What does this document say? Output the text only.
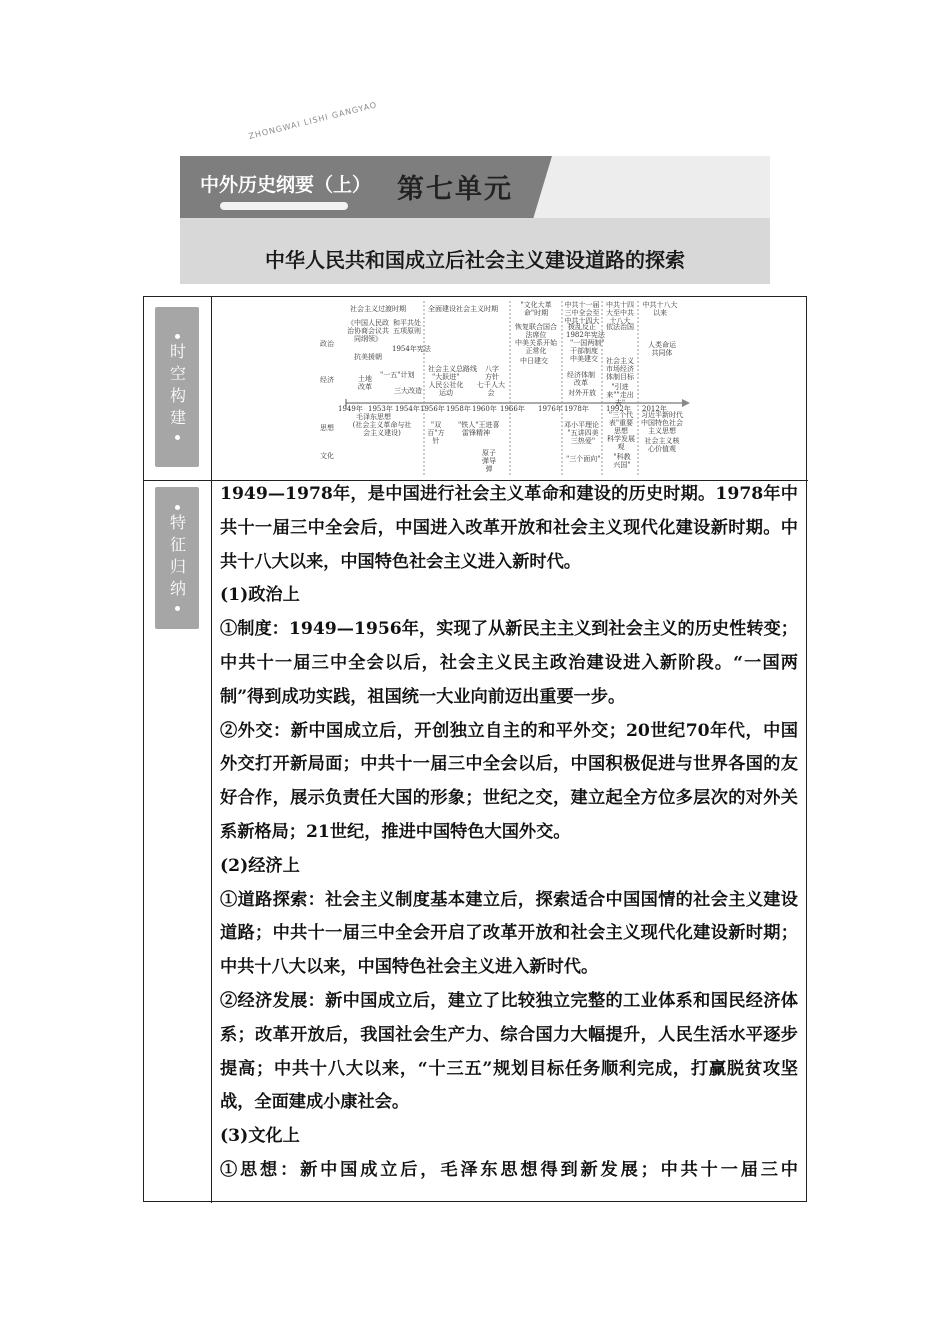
ZHONGWAI LISHI GANGYAO
中外历史纲要（上） 第七单元
中华人民共和国成立后社会主义建设道路的探索
时空构建
特征归纳
政治
经济
思想
文化
社会主义过渡时期	全面建设社会主义时期	"文化大革命"时期
中共十一届三中全会至中共十四大
中共十四大至中共十八大
中共十八大以来
1949年 1953年 1954年 1956年 1958年 1960年 1966年 1976年 1978年 1992年 2012年
《中国人民政治协商会议共同纲领》
和平共处五项原则
1954年宪法
抗美援朝
恢复联合国合法席位
中美关系开始正常化
中日建交
拨乱反正
1982年宪法
"一国两制"
干部制度
中美建交
依法治国
人类命运共同体
土地改革
"一五"计划
三大改造
社会主义总路线
"大跃进"
人民公社化运动
八字方针
七千人大会
经济体制改革
对外开放
社会主义市场经济体制目标
"引进来""走出去"
毛泽东思想
(社会主义革命与社会主义建设)
"双百"方针
"铁人"王进喜
雷锋精神
原子弹导弹
邓小平理论
"五讲四美三热爱"
"三个面向"
"三个代表"重要思想
科学发展观
"科教兴国"
习近平新时代中国特色社会主义思想
社会主义核心价值观

1949—1978年，是中国进行社会主义革命和建设的历史时期。1978年中共十一届三中全会后，中国进入改革开放和社会主义现代化建设新时期。中共十八大以来，中国特色社会主义进入新时代。

(1)政治上

①制度：1949—1956年，实现了从新民主主义到社会主义的历史性转变；中共十一届三中全会以后，社会主义民主政治建设进入新阶段。“一国两制”得到成功实践，祖国统一大业向前迈出重要一步。

②外交：新中国成立后，开创独立自主的和平外交；20世纪70年代，中国外交打开新局面；中共十一届三中全会以后，中国积极促进与世界各国的友好合作，展示负责任大国的形象；世纪之交，建立起全方位多层次的对外关系新格局；21世纪，推进中国特色大国外交。

(2)经济上

①道路探索：社会主义制度基本建立后，探索适合中国国情的社会主义建设道路；中共十一届三中全会开启了改革开放和社会主义现代化建设新时期；中共十八大以来，中国特色社会主义进入新时代。

②经济发展：新中国成立后，建立了比较独立完整的工业体系和国民经济体系；改革开放后，我国社会生产力、综合国力大幅提升，人民生活水平逐步提高；中共十八大以来，“十三五”规划目标任务顺利完成，打赢脱贫攻坚战，全面建成小康社会。

(3)文化上

①思想：新中国成立后，毛泽东思想得到新发展；中共十一届三中
